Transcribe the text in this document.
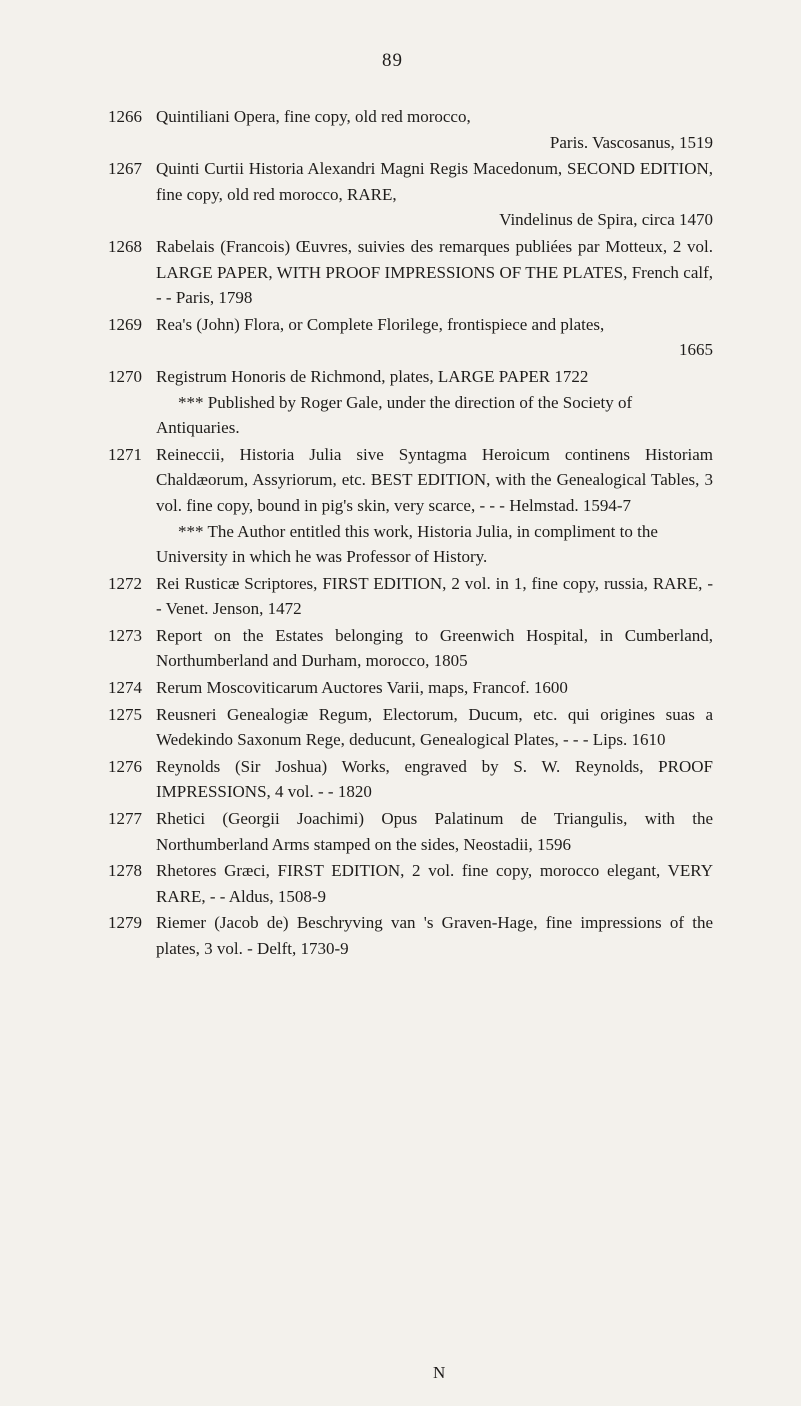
89
1266 Quintiliani Opera, fine copy, old red morocco,
Paris. Vascosanus, 1519
1267 Quinti Curtii Historia Alexandri Magni Regis Macedonum, SECOND EDITION, fine copy, old red morocco, RARE,
Vindelinus de Spira, circa 1470
1268 Rabelais (Francois) Œuvres, suivies des remarques publiées par Motteux, 2 vol. LARGE PAPER, WITH PROOF IMPRESSIONS OF THE PLATES, French calf, - - Paris, 1798
1269 Rea's (John) Flora, or Complete Florilege, frontispiece and plates,
1665
1270 Registrum Honoris de Richmond, plates, LARGE PAPER 1722
*** Published by Roger Gale, under the direction of the Society of Antiquaries.
1271 Reineccii, Historia Julia sive Syntagma Heroicum continens Historiam Chaldæorum, Assyriorum, etc. BEST EDITION, with the Genealogical Tables, 3 vol. fine copy, bound in pig's skin, very scarce, - - - Helmstad. 1594-7
*** The Author entitled this work, Historia Julia, in compliment to the University in which he was Professor of History.
1272 Rei Rusticæ Scriptores, FIRST EDITION, 2 vol. in 1, fine copy, russia, RARE, - - Venet. Jenson, 1472
1273 Report on the Estates belonging to Greenwich Hospital, in Cumberland, Northumberland and Durham, morocco, 1805
1274 Rerum Moscoviticarum Auctores Varii, maps, Francof. 1600
1275 Reusneri Genealogiæ Regum, Electorum, Ducum, etc. qui origines suas a Wedekindo Saxonum Rege, deducunt, Genealogical Plates, - - - Lips. 1610
1276 Reynolds (Sir Joshua) Works, engraved by S. W. Reynolds, PROOF IMPRESSIONS, 4 vol. - - 1820
1277 Rhetici (Georgii Joachimi) Opus Palatinum de Triangulis, with the Northumberland Arms stamped on the sides, Neostadii, 1596
1278 Rhetores Græci, FIRST EDITION, 2 vol. fine copy, morocco elegant, VERY RARE, - - Aldus, 1508-9
1279 Riemer (Jacob de) Beschryving van 's Graven-Hage, fine impressions of the plates, 3 vol. - Delft, 1730-9
N
